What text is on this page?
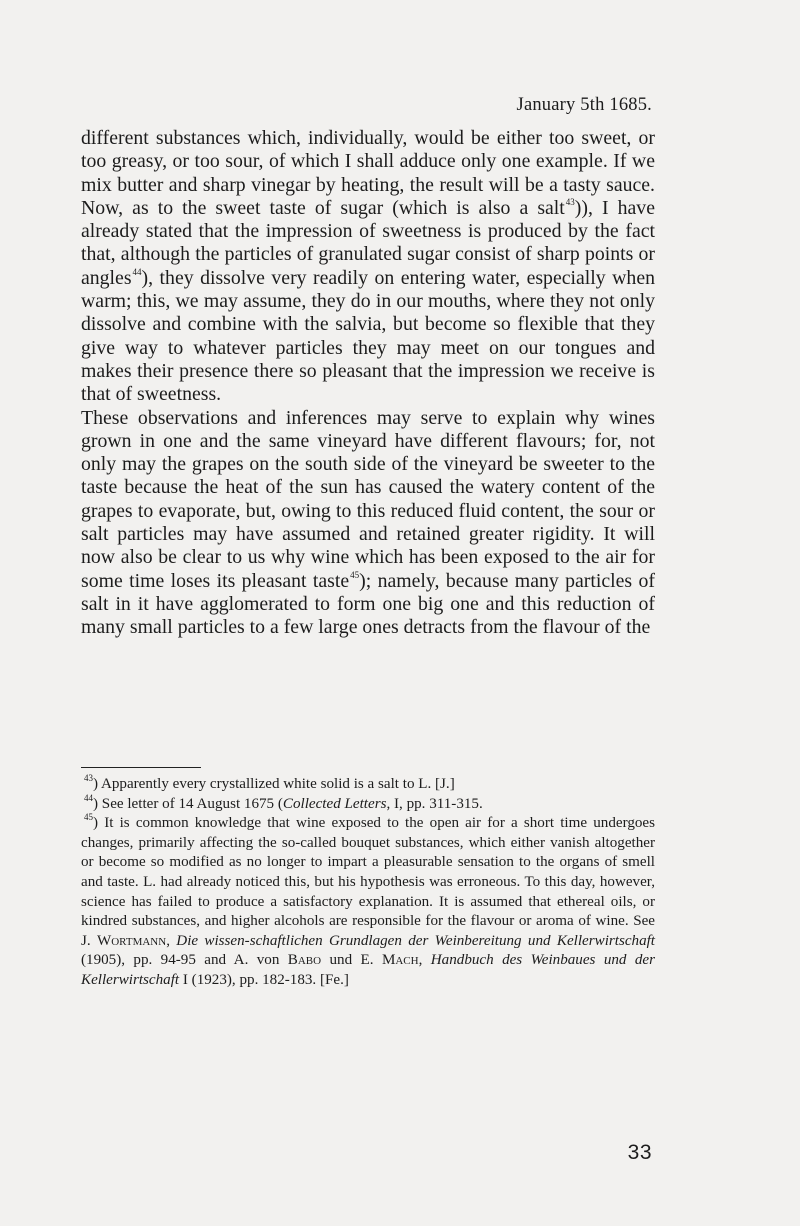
January 5th 1685.

different substances which, individually, would be either too sweet, or too greasy, or too sour, of which I shall adduce only one example. If we mix butter and sharp vinegar by heating, the result will be a tasty sauce. Now, as to the sweet taste of sugar (which is also a salt$^{43}$)), I have already stated that the impression of sweetness is produced by the fact that, although the particles of granulated sugar consist of sharp points or angles$^{44}$), they dissolve very readily on entering water, especially when warm; this, we may assume, they do in our mouths, where they not only dissolve and combine with the salvia, but become so flexible that they give way to whatever particles they may meet on our tongues and makes their presence there so pleasant that the impression we receive is that of sweetness.

These observations and inferences may serve to explain why wines grown in one and the same vineyard have different flavours; for, not only may the grapes on the south side of the vineyard be sweeter to the taste because the heat of the sun has caused the watery content of the grapes to evaporate, but, owing to this reduced fluid content, the sour or salt particles may have assumed and retained greater rigidity. It will now also be clear to us why wine which has been exposed to the air for some time loses its pleasant taste$^{45}$); namely, because many particles of salt in it have agglomerated to form one big one and this reduction of many small particles to a few large ones detracts from the flavour of the

$^{43}$) Apparently every crystallized white solid is a salt to L. [J.]

$^{44}$) See letter of 14 August 1675 (Collected Letters, I, pp. 311-315.

$^{45}$) It is common knowledge that wine exposed to the open air for a short time undergoes changes, primarily affecting the so-called bouquet substances, which either vanish altogether or become so modified as no longer to impart a pleasurable sensation to the organs of smell and taste. L. had already noticed this, but his hypothesis was erroneous. To this day, however, science has failed to produce a satisfactory explanation. It is assumed that ethereal oils, or kindred substances, and higher alcohols are responsible for the flavour or aroma of wine. See J. Wortmann, Die wissen-schaftlichen Grundlagen der Weinbereitung und Kellerwirtschaft (1905), pp. 94-95 and A. von Babo und E. Mach, Handbuch des Weinbaues und der Kellerwirtschaft I (1923), pp. 182-183. [Fe.]

33
